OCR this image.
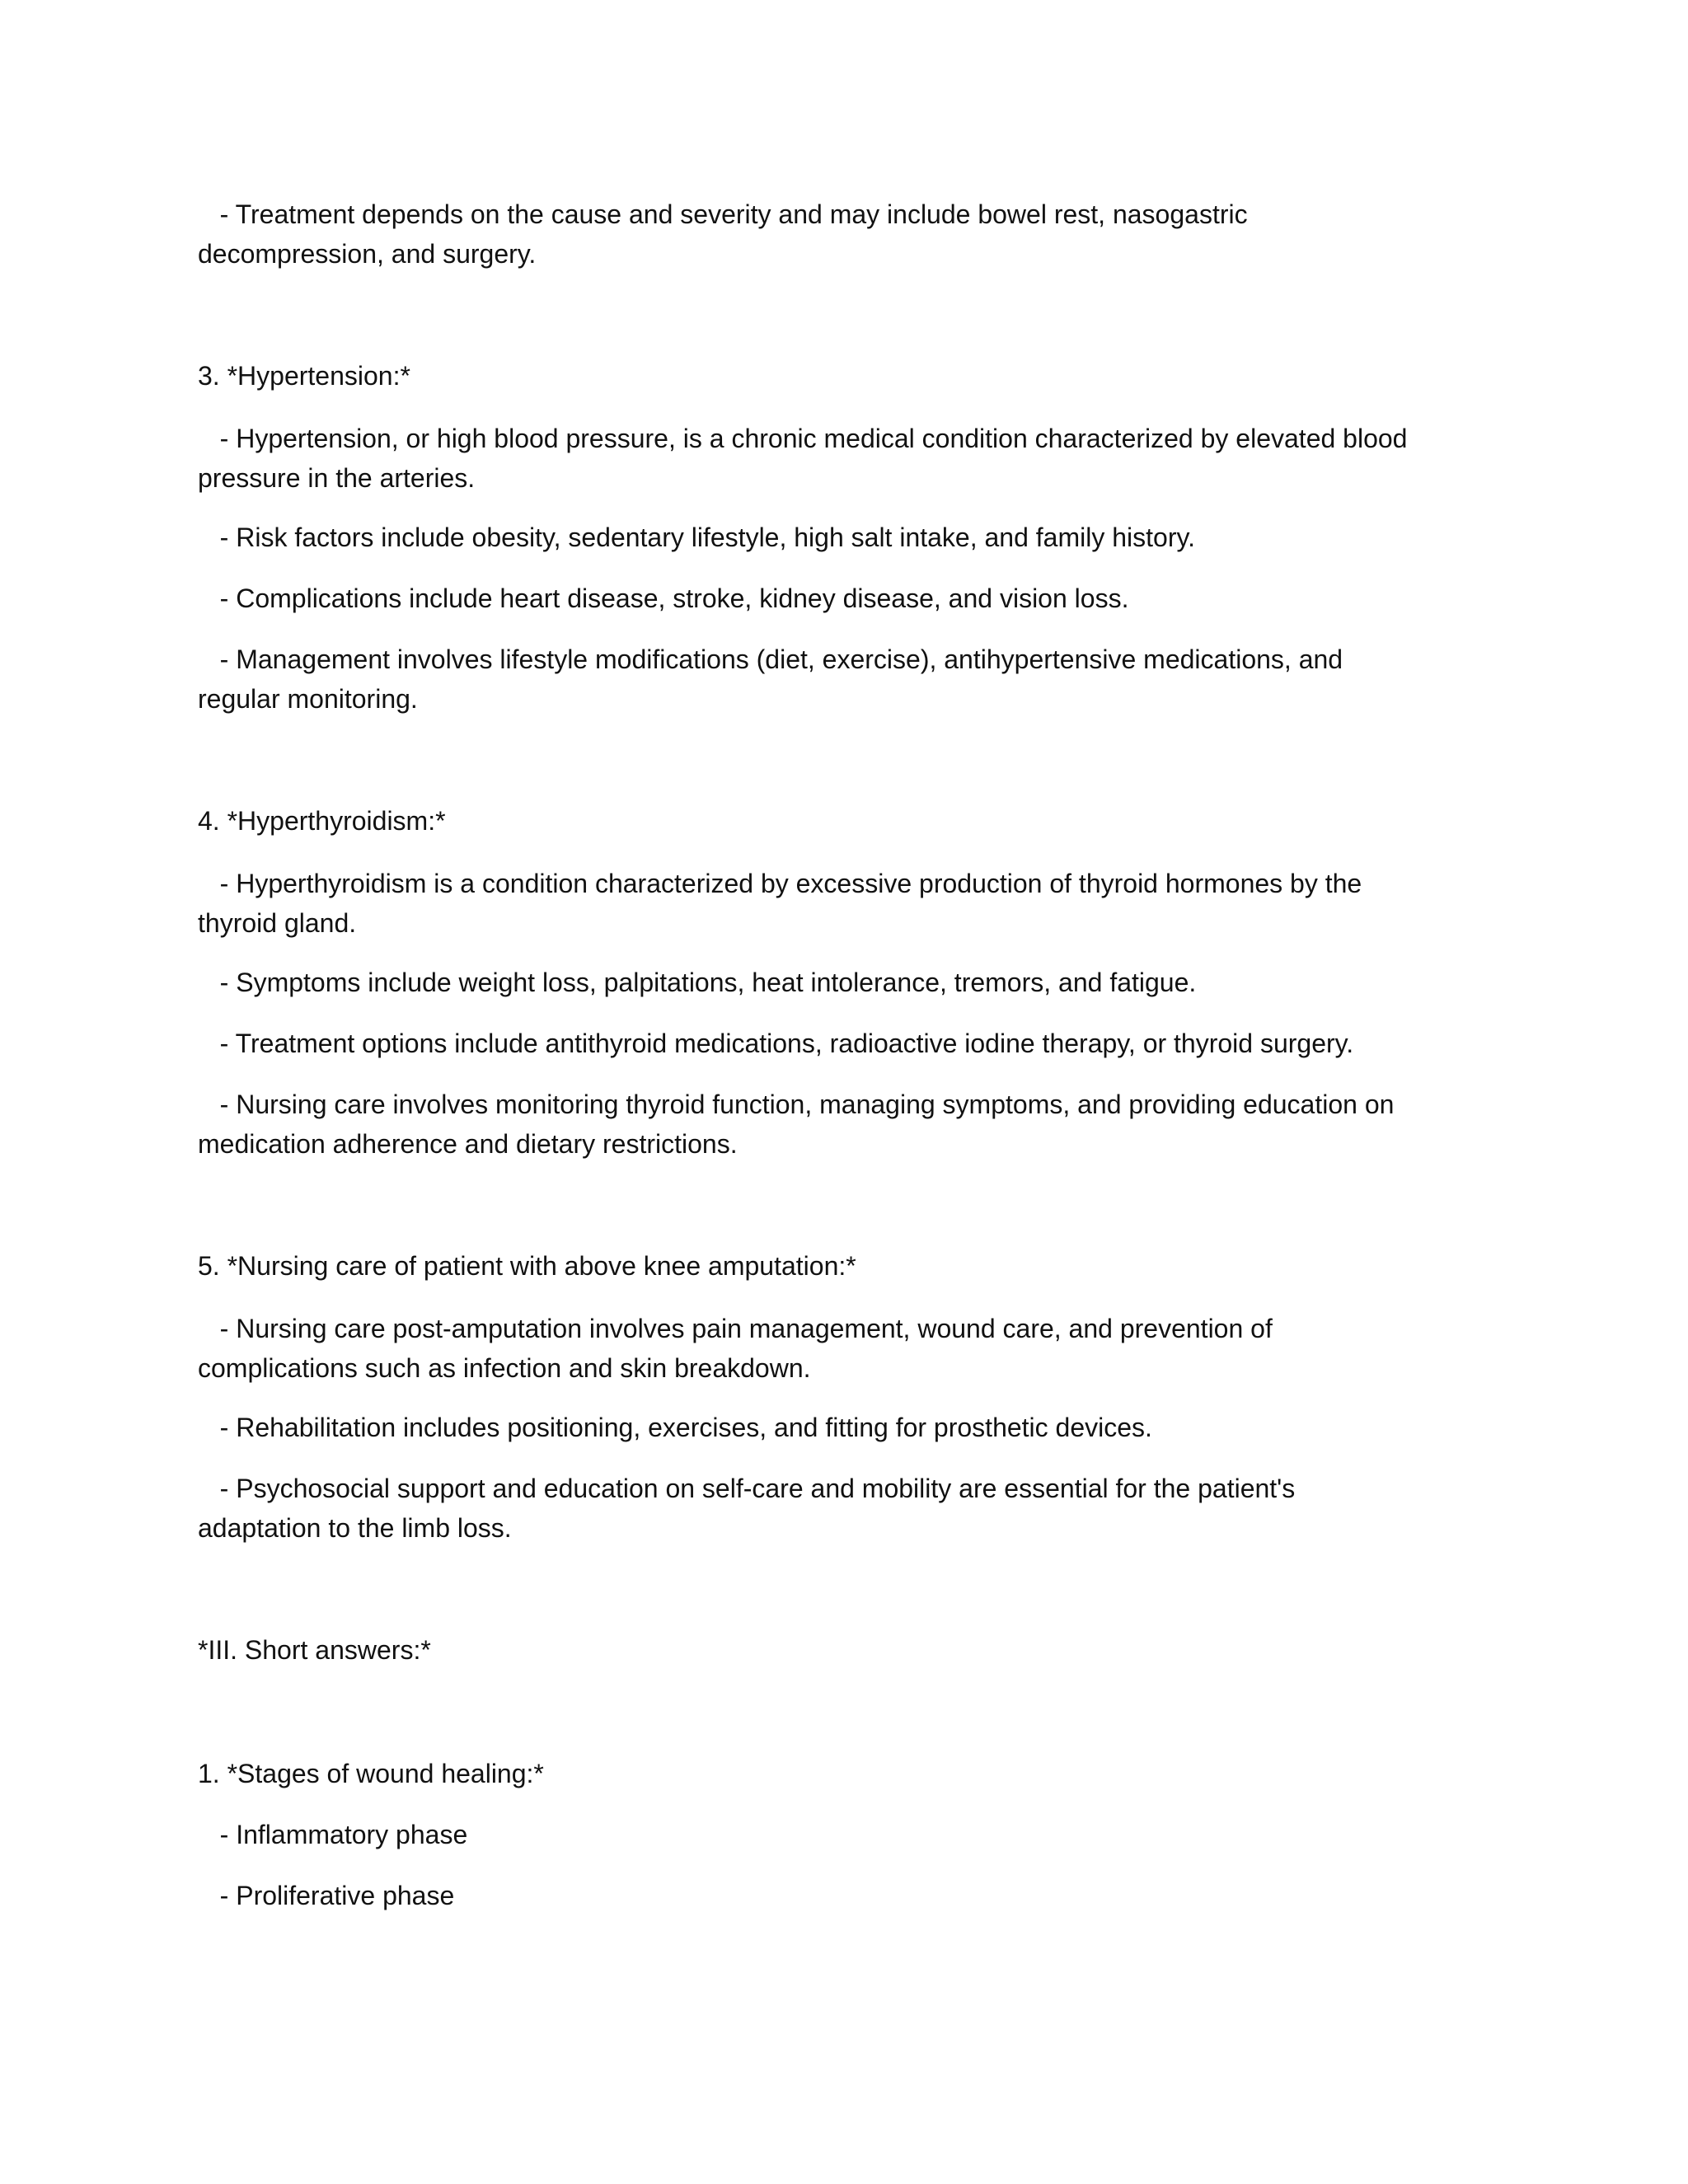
- Treatment depends on the cause and severity and may include bowel rest, nasogastric
decompression, and surgery.

3. *Hypertension:*

- Hypertension, or high blood pressure, is a chronic medical condition characterized by elevated blood
pressure in the arteries.

- Risk factors include obesity, sedentary lifestyle, high salt intake, and family history.

- Complications include heart disease, stroke, kidney disease, and vision loss.

- Management involves lifestyle modifications (diet, exercise), antihypertensive medications, and
regular monitoring.

4. *Hyperthyroidism:*

- Hyperthyroidism is a condition characterized by excessive production of thyroid hormones by the
thyroid gland.

- Symptoms include weight loss, palpitations, heat intolerance, tremors, and fatigue.

- Treatment options include antithyroid medications, radioactive iodine therapy, or thyroid surgery.

- Nursing care involves monitoring thyroid function, managing symptoms, and providing education on
medication adherence and dietary restrictions.

5. *Nursing care of patient with above knee amputation:*

- Nursing care post-amputation involves pain management, wound care, and prevention of
complications such as infection and skin breakdown.

- Rehabilitation includes positioning, exercises, and fitting for prosthetic devices.

- Psychosocial support and education on self-care and mobility are essential for the patient's
adaptation to the limb loss.

*III. Short answers:*

1. *Stages of wound healing:*

- Inflammatory phase

- Proliferative phase
